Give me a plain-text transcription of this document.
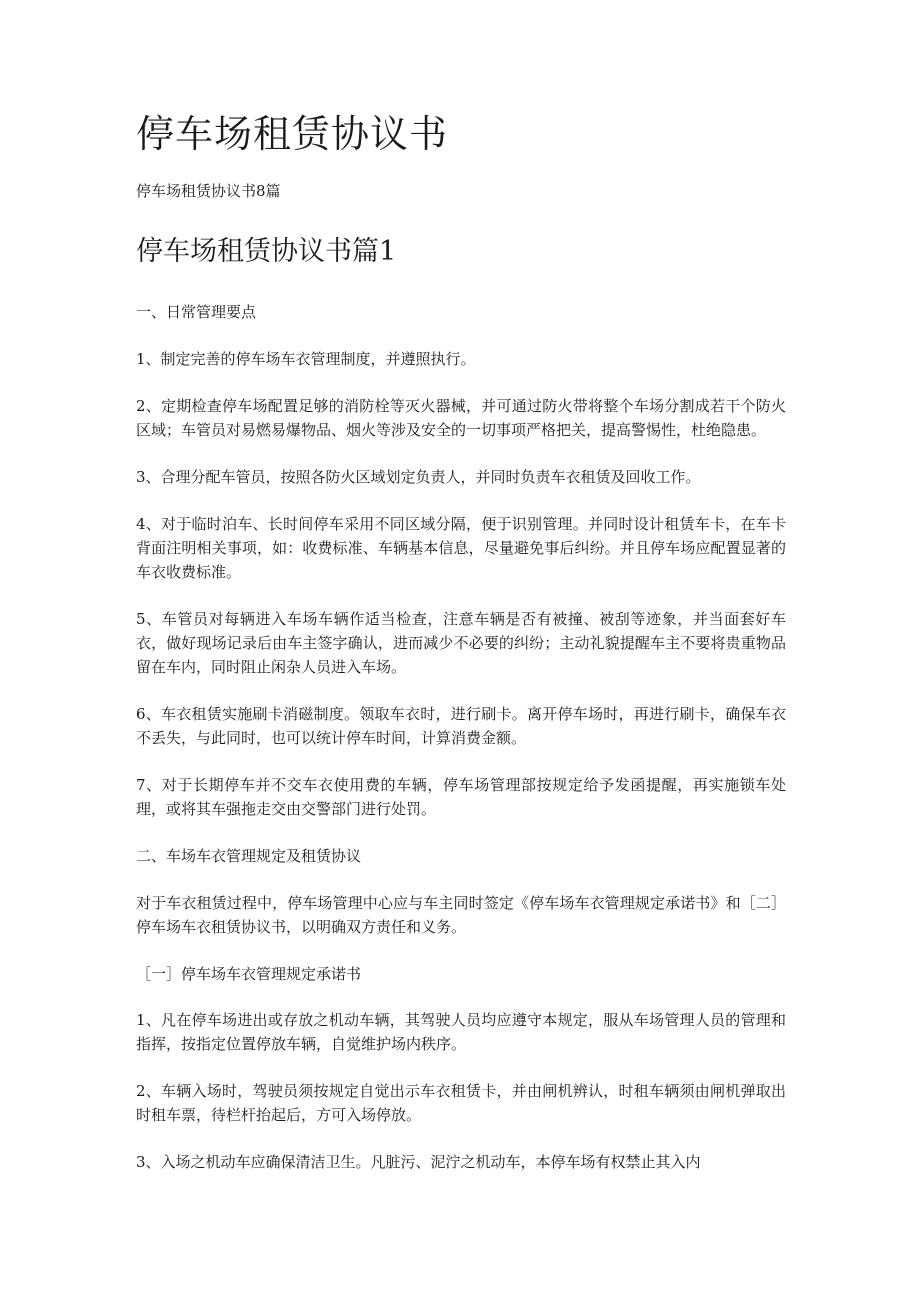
停车场租赁协议书

停车场租赁协议书8篇

停车场租赁协议书篇1

一、日常管理要点

1、制定完善的停车场车衣管理制度，并遵照执行。

2、定期检查停车场配置足够的消防栓等灭火器械，并可通过防火带将整个车场分割成若干个防火区域；车管员对易燃易爆物品、烟火等涉及安全的一切事项严格把关，提高警惕性，杜绝隐患。

3、合理分配车管员，按照各防火区域划定负责人，并同时负责车衣租赁及回收工作。

4、对于临时泊车、长时间停车采用不同区域分隔，便于识别管理。并同时设计租赁车卡，在车卡背面注明相关事项，如：收费标准、车辆基本信息，尽量避免事后纠纷。并且停车场应配置显著的车衣收费标准。

5、车管员对每辆进入车场车辆作适当检查，注意车辆是否有被撞、被刮等迹象，并当面套好车衣，做好现场记录后由车主签字确认，进而减少不必要的纠纷；主动礼貌提醒车主不要将贵重物品留在车内，同时阻止闲杂人员进入车场。

6、车衣租赁实施刷卡消磁制度。领取车衣时，进行刷卡。离开停车场时，再进行刷卡，确保车衣不丢失，与此同时，也可以统计停车时间，计算消费金额。

7、对于长期停车并不交车衣使用费的车辆，停车场管理部按规定给予发函提醒，再实施锁车处理，或将其车强拖走交由交警部门进行处罚。

二、车场车衣管理规定及租赁协议

对于车衣租赁过程中，停车场管理中心应与车主同时签定《停车场车衣管理规定承诺书》和［二］停车场车衣租赁协议书，以明确双方责任和义务。

［一］停车场车衣管理规定承诺书

1、凡在停车场进出或存放之机动车辆，其驾驶人员均应遵守本规定，服从车场管理人员的管理和指挥，按指定位置停放车辆，自觉维护场内秩序。

2、车辆入场时，驾驶员须按规定自觉出示车衣租赁卡，并由闸机辨认，时租车辆须由闸机弹取出时租车票，待栏杆抬起后，方可入场停放。

3、入场之机动车应确保清洁卫生。凡脏污、泥泞之机动车，本停车场有权禁止其入内
